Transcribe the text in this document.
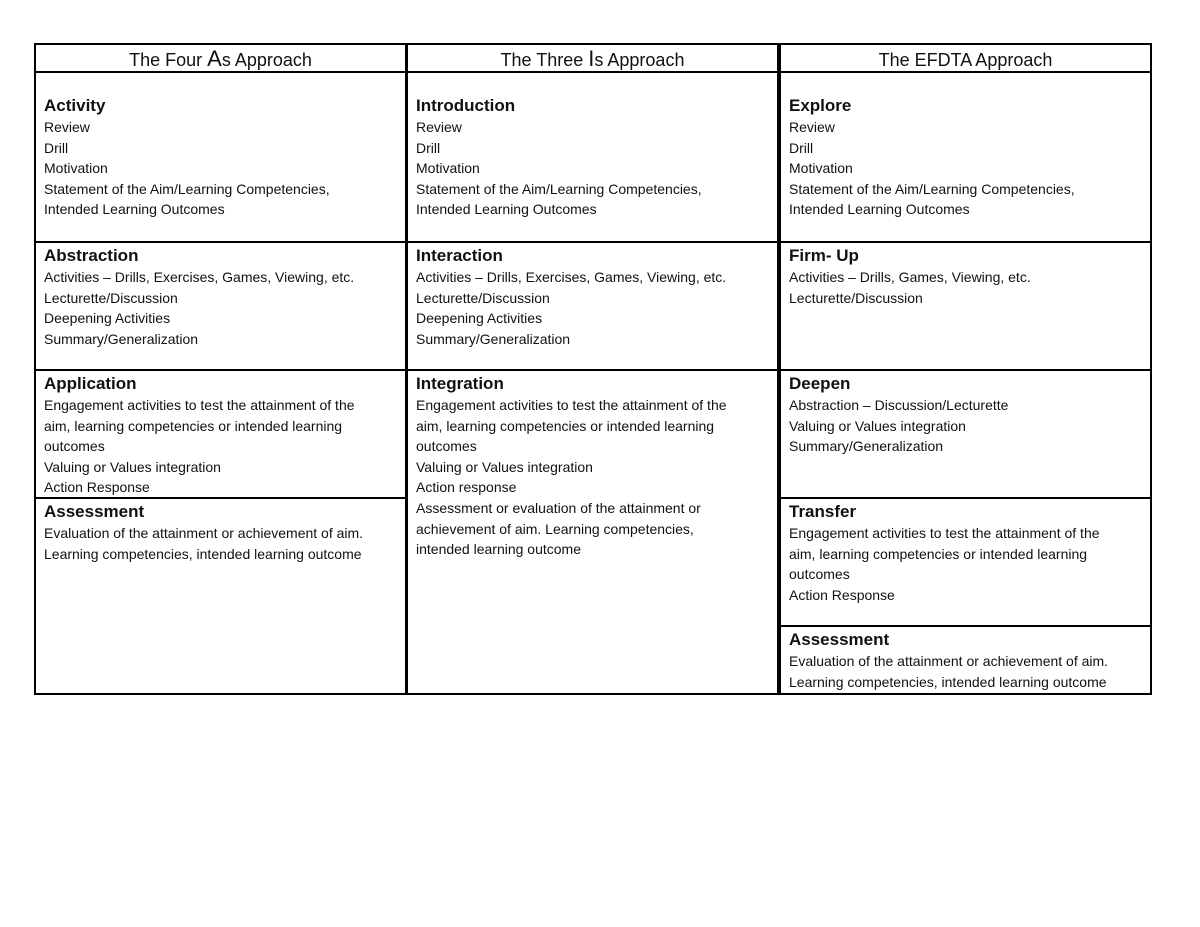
The Four As Approach

Activity

Review

Drill

Motivation

Statement of the Aim/Learning Competencies,

Intended Learning Outcomes

Abstraction

Activities – Drills, Exercises, Games, Viewing, etc.

Lecturette/Discussion

Deepening Activities

Summary/Generalization

Application

Engagement activities to test the attainment of the

aim, learning competencies or intended learning

outcomes

Valuing or Values integration

Action Response

Assessment

Evaluation of the attainment or achievement of aim.

Learning competencies, intended learning outcome

The Three Is Approach

Introduction

Review

Drill

Motivation

Statement of the Aim/Learning Competencies,

Intended Learning Outcomes

Interaction

Activities – Drills, Exercises, Games, Viewing, etc.

Lecturette/Discussion

Deepening Activities

Summary/Generalization

Integration

Engagement activities to test the attainment of the

aim, learning competencies or intended learning

outcomes

Valuing or Values integration

Action response

Assessment or evaluation of the attainment or

achievement of aim. Learning competencies,

intended learning outcome

The EFDTA Approach

Explore

Review

Drill

Motivation

Statement of the Aim/Learning Competencies,

Intended Learning Outcomes

Firm- Up

Activities – Drills, Games, Viewing, etc.

Lecturette/Discussion

Deepen

Abstraction – Discussion/Lecturette

Valuing or Values integration

Summary/Generalization

Transfer

Engagement activities to test the attainment of the

aim, learning competencies or intended learning

outcomes

Action Response

Assessment

Evaluation of the attainment or achievement of aim.

Learning competencies, intended learning outcome
